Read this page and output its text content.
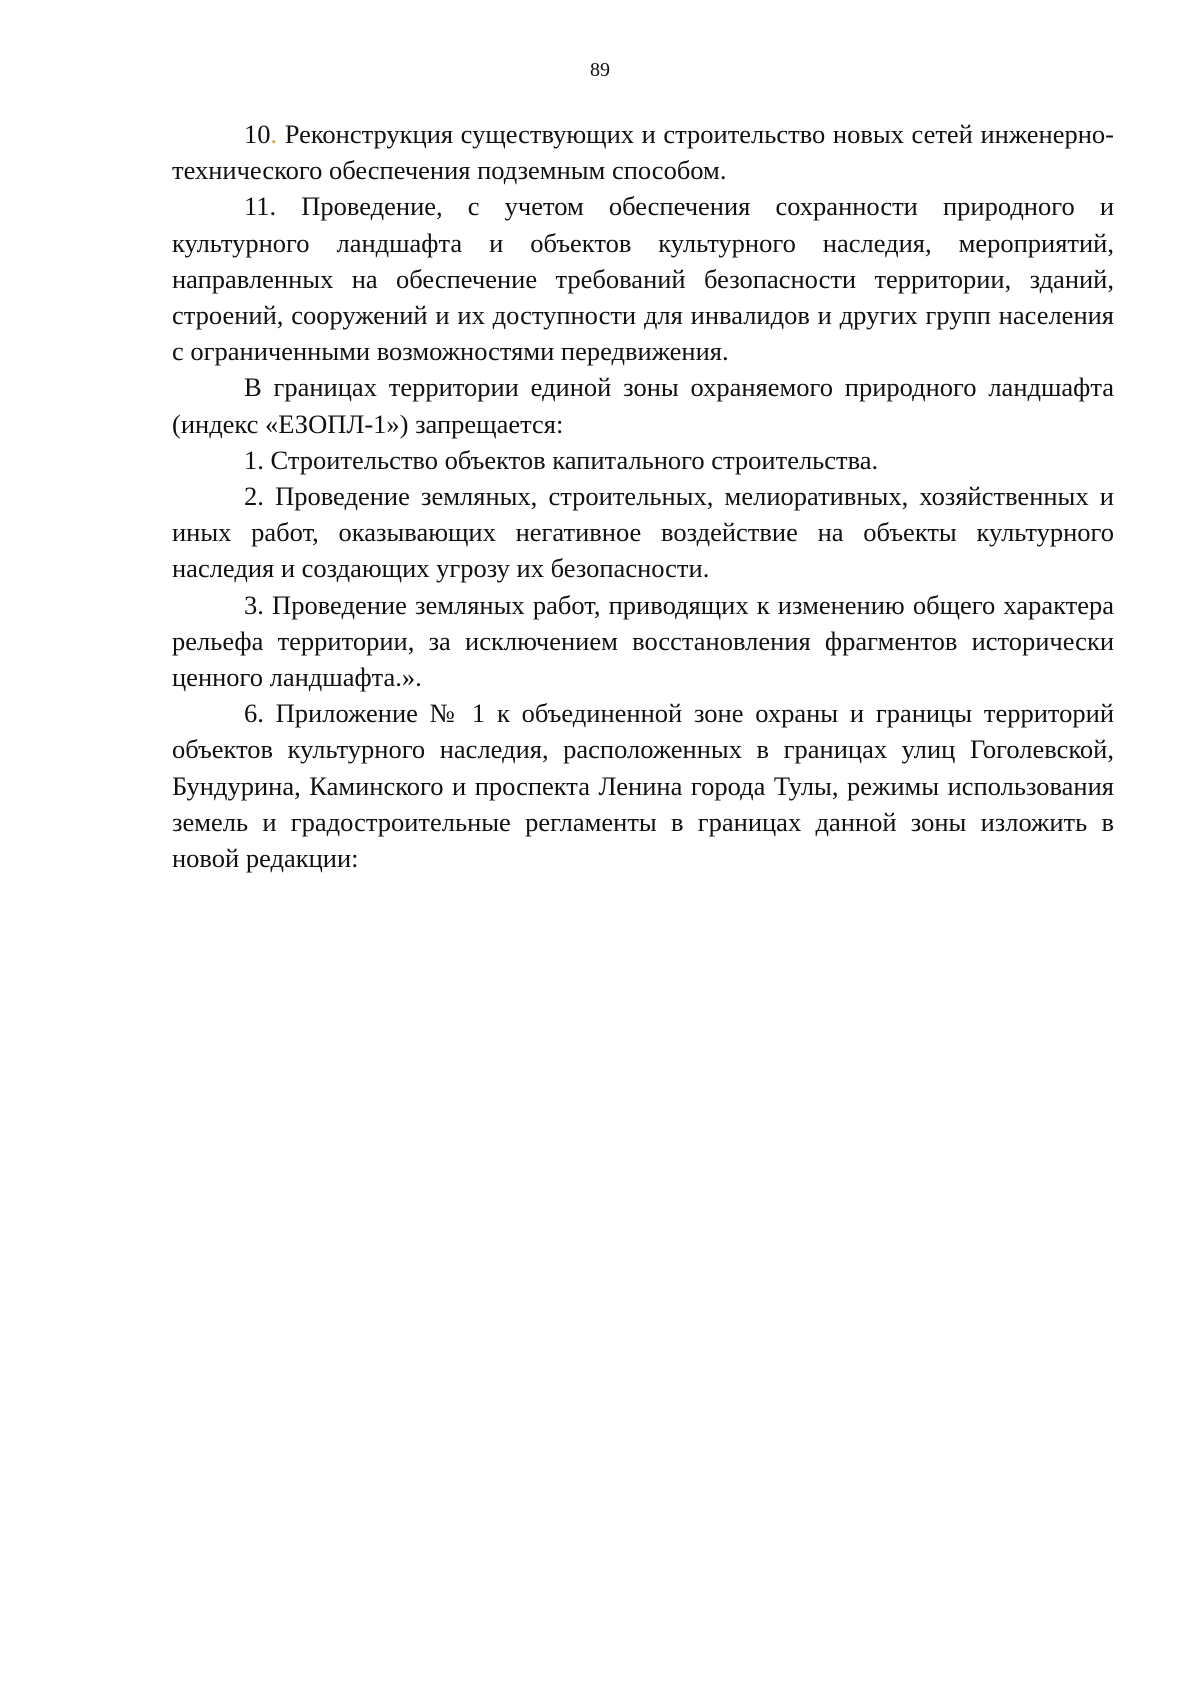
89

10. Реконструкция существующих и строительство новых сетей инженерно-технического обеспечения подземным способом.

11. Проведение, с учетом обеспечения сохранности природного и культурного ландшафта и объектов культурного наследия, мероприятий, направленных на обеспечение требований безопасности территории, зданий, строений, сооружений и их доступности для инвалидов и других групп населения с ограниченными возможностями передвижения.

В границах территории единой зоны охраняемого природного ландшафта (индекс «ЕЗОПЛ-1») запрещается:

1. Строительство объектов капитального строительства.

2. Проведение земляных, строительных, мелиоративных, хозяйственных и иных работ, оказывающих негативное воздействие на объекты культурного наследия и создающих угрозу их безопасности.

3. Проведение земляных работ, приводящих к изменению общего характера рельефа территории, за исключением восстановления фрагментов исторически ценного ландшафта.».

6. Приложение № 1 к объединенной зоне охраны и границы территорий объектов культурного наследия, расположенных в границах улиц Гоголевской, Бундурина, Каминского и проспекта Ленина города Тулы, режимы использования земель и градостроительные регламенты в границах данной зоны изложить в новой редакции:
